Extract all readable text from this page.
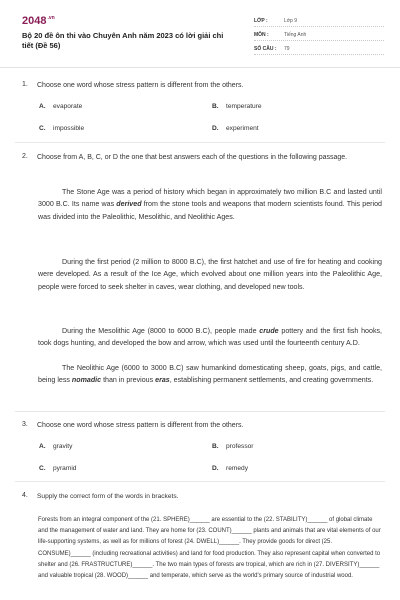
$2048^{.vn}$
Bộ 20 đề ôn thi vào Chuyên Anh năm 2023 có lời giải chi tiết (Đề 56)
LỚP :	Lớp 9
MÔN :	Tiếng Anh
SỐ CÂU : 79
1. Choose one word whose stress pattern is different from the others.
A. evaporate	B. temperature
C. impossible	D. experiment
2. Choose from A, B, C, or D the one that best answers each of the questions in the following passage.

The Stone Age was a period of history which began in approximately two million B.C and lasted until 3000 B.C. Its name was derived from the stone tools and weapons that modern scientists found. This period was divided into the Paleolithic, Mesolithic, and Neolithic Ages.

During the first period (2 million to 8000 B.C), the first hatchet and use of fire for heating and cooking were developed. As a result of the Ice Age, which evolved about one million years into the Paleolithic Age, people were forced to seek shelter in caves, wear clothing, and developed new tools.

During the Mesolithic Age (8000 to 6000 B.C), people made crude pottery and the first fish hooks, took dogs hunting, and developed the bow and arrow, which was used until the fourteenth century A.D.

The Neolithic Age (6000 to 3000 B.C) saw humankind domesticating sheep, goats, pigs, and cattle, being less nomadic than in previous eras, establishing permanent settlements, and creating governments.

3. Choose one word whose stress pattern is different from the others.
A. gravity	B. professor
C. pyramid	D. remedy
4. Supply the correct form of the words in brackets.
Forests from an integral component of the (21. SPHERE)______ are essential to the (22. STABILITY)______ of global climate and the management of water and land. They are home for (23. COUNT)______ plants and animals that are vital elements of our life-supporting systems, as well as for millions of forest (24. DWELL)______. They provide goods for direct (25. CONSUME)______ (including recreational activities) and land for food production. They also represent capital when converted to shelter and (26. FRASTRUCTURE)______. The two main types of forests are tropical, which are rich in (27. DIVERSITY)______ and valuable tropical (28. WOOD)______ and temperate, which serve as the world's primary source of industrial wood.
